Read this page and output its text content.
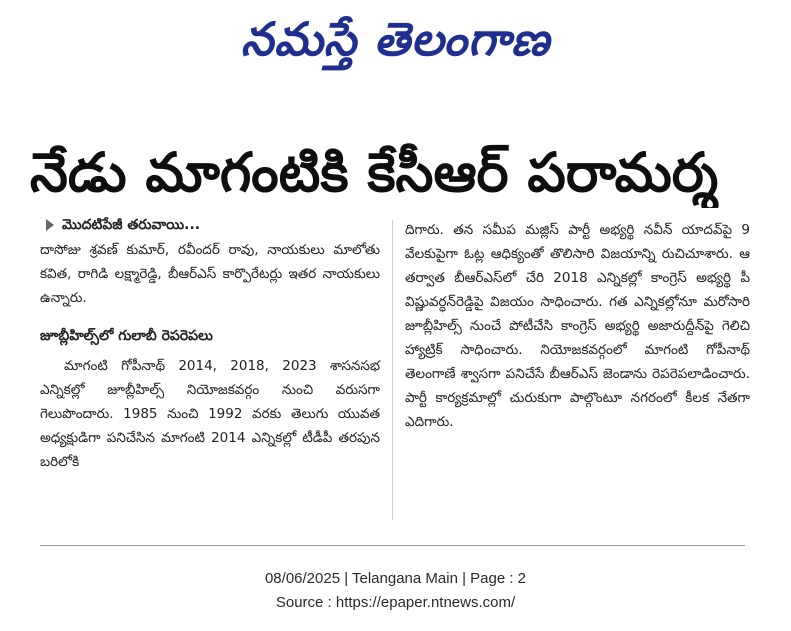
నమస్తే తెలంగాణ
నేడు మాగంటికి కేసీఆర్ పరామర్శ
మొదటిపేజీ తరువాయి...

దాసోజు శ్రవణ్ కుమార్, రవీందర్ రావు, నాయకులు మాలోతు కవిత, రాగిడి లక్ష్మారెడ్డి, బీఆర్ఎస్ కార్పొరేటర్లు ఇతర నాయకులు ఉన్నారు.

జూబ్లీహిల్స్‌లో గులాబీ రెపరెపలు

మాగంటి గోపీనాథ్ 2014, 2018, 2023 శాసనసభ ఎన్నికల్లో జూబ్లీహిల్స్ నియోజకవర్గం నుంచి వరుసగా గెలుపొందారు. 1985 నుంచి 1992 వరకు తెలుగు యువత అధ్యక్షుడిగా పనిచేసిన మాగంటి 2014 ఎన్నికల్లో టీడీపీ తరపున బరిలోకి

దిగారు. తన సమీప మజ్లిస్ పార్టీ అభ్యర్థి నవీన్ యాదవ్‌పై 9 వేలకుపైగా ఓట్ల ఆధిక్యంతో తొలిసారి విజయాన్ని రుచిచూశారు. ఆ తర్వాత బీఆర్ఎస్‌లో చేరి 2018 ఎన్నికల్లో కాంగ్రెస్ అభ్యర్థి పీ విష్ణువర్ధన్‌రెడ్డిపై విజయం సాధించారు. గత ఎన్నికల్లోనూ మరోసారి జూబ్లీహిల్స్ నుంచే పోటీచేసి కాంగ్రెస్ అభ్యర్థి అజారుద్దీన్‌పై గెలిచి హ్యాట్రిక్ సాధించారు. నియోజకవర్గంలో మాగంటి గోపీనాథ్ తెలంగాణే శ్వాసగా పనిచేసే బీఆర్ఎస్ జెండాను రెపరెపలాడించారు. పార్టీ కార్యక్రమాల్లో చురుకుగా పాల్గొంటూ నగరంలో కీలక నేతగా ఎదిగారు.

08/06/2025 | Telangana Main | Page : 2
Source : https://epaper.ntnews.com/
